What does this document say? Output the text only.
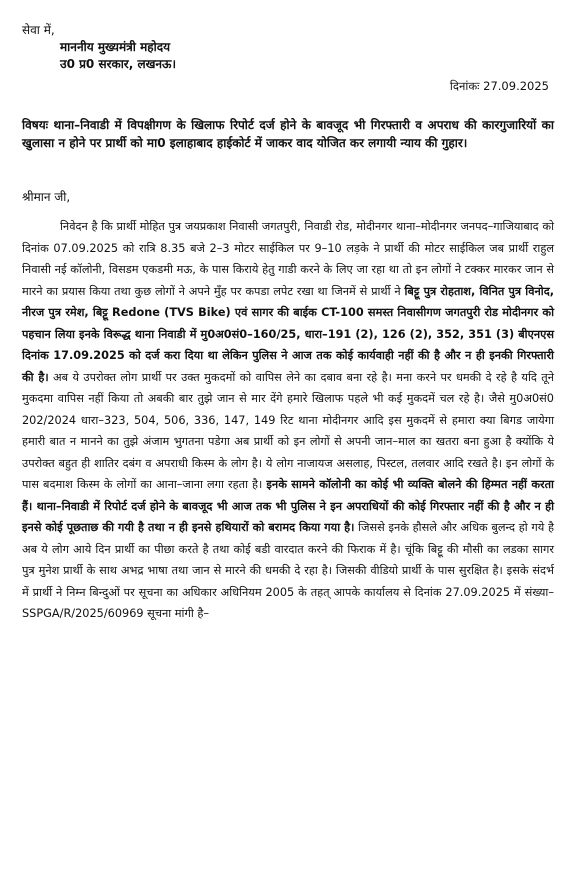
सेवा में,
माननीय मुख्यमंत्री महोदय
उ0 प्र0 सरकार, लखनऊ।
दिनांकः 27.09.2025
विषयः थाना–निवाडी में विपक्षीगण के खिलाफ रिपोर्ट दर्ज होने के बावजूद भी गिरफ्तारी व अपराध की कारगुजारियों का खुलासा न होने पर प्रार्थी को मा0 इलाहाबाद हाईकोर्ट में जाकर वाद योजित कर लगायी न्याय की गुहार।
श्रीमान जी,
निवेदन है कि प्रार्थी मोहित पुत्र जयप्रकाश निवासी जगतपुरी, निवाडी रोड, मोदीनगर थाना–मोदीनगर जनपद–गाजियाबाद को दिनांक 07.09.2025 को रात्रि 8.35 बजे 2–3 मोटर साईकिल पर 9–10 लड़के ने प्रार्थी की मोटर साईकिल जब प्रार्थी राहुल निवासी नई कॉलोनी, विसडम एकडमी मऊ, के पास किराये हेतु गाडी करने के लिए जा रहा था तो इन लोगों ने टक्कर मारकर जान से मारने का प्रयास किया तथा कुछ लोगों ने अपने मुँह पर कपडा लपेट रखा था जिनमें से प्रार्थी ने बिट्टू पुत्र रोहताश, विनित पुत्र विनोद, नीरज पुत्र रमेश, बिट्टू Redone (TVS Bike) एवं सागर की बाईक CT-100 समस्त निवासीगण जगतपुरी रोड मोदीनगर को पहचान लिया इनके विरूद्ध थाना निवाडी में मु0अ0सं0–160/25, धारा–191 (2), 126 (2), 352, 351 (3) बीएनएस दिनांक 17.09.2025 को दर्ज करा दिया था लेकिन पुलिस ने आज तक कोई कार्यवाही नहीं की है और न ही इनकी गिरफ्तारी की है। अब ये उपरोक्त लोग प्रार्थी पर उक्त मुकदमों को वापिस लेने का दबाव बना रहे है। मना करने पर धमकी दे रहे है यदि तूने मुकदमा वापिस नहीं किया तो अबकी बार तुझे जान से मार देंगे हमारे खिलाफ पहले भी कई मुकदमें चल रहे है। जैसे मु0अ0सं0 202/2024 धारा–323, 504, 506, 336, 147, 149 रिट थाना मोदीनगर आदि इस मुकदमें से हमारा क्या बिगड जायेगा हमारी बात न मानने का तुझे अंजाम भुगतना पडेगा अब प्रार्थी को इन लोगों से अपनी जान–माल का खतरा बना हुआ है क्योंकि ये उपरोक्त बहुत ही शातिर दबंग व अपराधी किस्म के लोग है। ये लोग नाजायज असलाह, पिस्टल, तलवार आदि रखते है। इन लोगों के पास बदमाश किस्म के लोगों का आना–जाना लगा रहता है। इनके सामने कॉलोनी का कोई भी व्यक्ति बोलने की हिम्मत नहीं करता हैं। थाना–निवाडी में रिपोर्ट दर्ज होने के बावजूद भी आज तक भी पुलिस ने इन अपराधियों की कोई गिरफ्तार नहीं की है और न ही इनसे कोई पूछताछ की गयी है तथा न ही इनसे हथियारों को बरामद किया गया है। जिससे इनके हौसले और अधिक बुलन्द हो गये है अब ये लोग आये दिन प्रार्थी का पीछा करते है तथा कोई बडी वारदात करने की फिराक में है। चूंकि बिट्टू की मौसी का लडका सागर पुत्र मुनेश प्रार्थी के साथ अभद्र भाषा तथा जान से मारने की धमकी दे रहा है। जिसकी वीडियो प्रार्थी के पास सुरक्षित है। इसके संदर्भ में प्रार्थी ने निम्न बिन्दुओं पर सूचना का अधिकार अधिनियम 2005 के तहत् आपके कार्यालय से दिनांक 27.09.2025 में संख्या–SSPGA/R/2025/60969 सूचना मांगी है–
